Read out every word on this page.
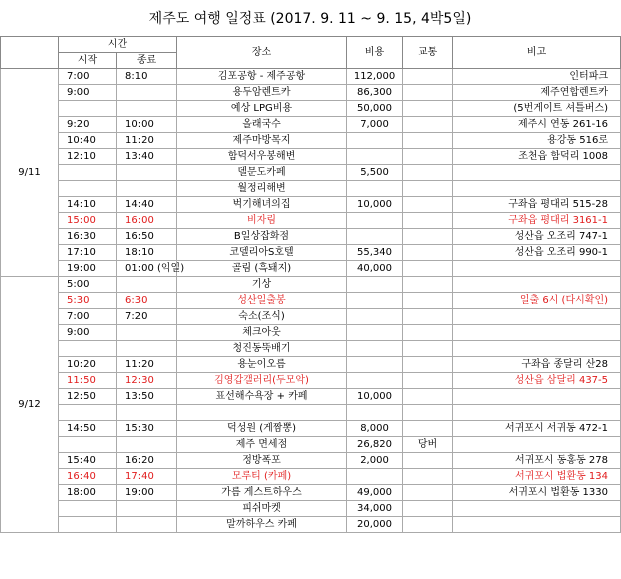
제주도 여행 일정표 (2017. 9. 11 ~ 9. 15, 4박5일)
	시간		장소	비용	교통	비고
	시작	종료				
9/11	7:00	8:10	김포공항 - 제주공항	112,000		인터파크
	9:00		용두암렌트카	86,300		제주연합렌트카
			예상 LPG비용	50,000		(5번게이트 셔틀버스)
	9:20	10:00	올래국수	7,000		제주시 연동 261-16
	10:40	11:20	제주마방목지			용강동 516로
	12:10	13:40	함덕서우봉해변			조천읍 함덕리 1008
			델문도카페	5,500		
			월정리해변			
	14:10	14:40	벅기해녀의집	10,000		구좌읍 평대리 515-28
	15:00	16:00	비자림			구좌읍 평대리 3161-1
	16:30	16:50	B일상잡화점			성산읍 오조리 747-1
	17:10	18:10	코델리아S호텔	55,340		성산읍 오조리 990-1
	19:00	01:00 (익일)	골림 (흑돼지)	40,000		
9/12	5:00		기상			
	5:30	6:30	성산일출봉			일출 6시 (다시확인)
	7:00	7:20	숙소(조식)			
	9:00		체크아웃			
			청진동뚝배기			
	10:20	11:20	용눈이오름			구좌읍 종달리 산28
	11:50	12:30	김영갑갤러리(두모악)			성산읍 삼달리 437-5
	12:50	13:50	표선해수욕장 + 카페	10,000		

	14:50	15:30	덕성원 (게짬뽕)	8,000		서귀포시 서귀동 472-1
			제주 면세점	26,820	당버	
	15:40	16:20	정방폭포	2,000		서귀포시 동홍동 278
	16:40	17:40	모루티 (카페)			서귀포시 법환동 134
	18:00	19:00	가름 게스트하우스	49,000		서귀포시 법환동 1330
			피쉬마켓	34,000		
			말까하우스 카페	20,000		
